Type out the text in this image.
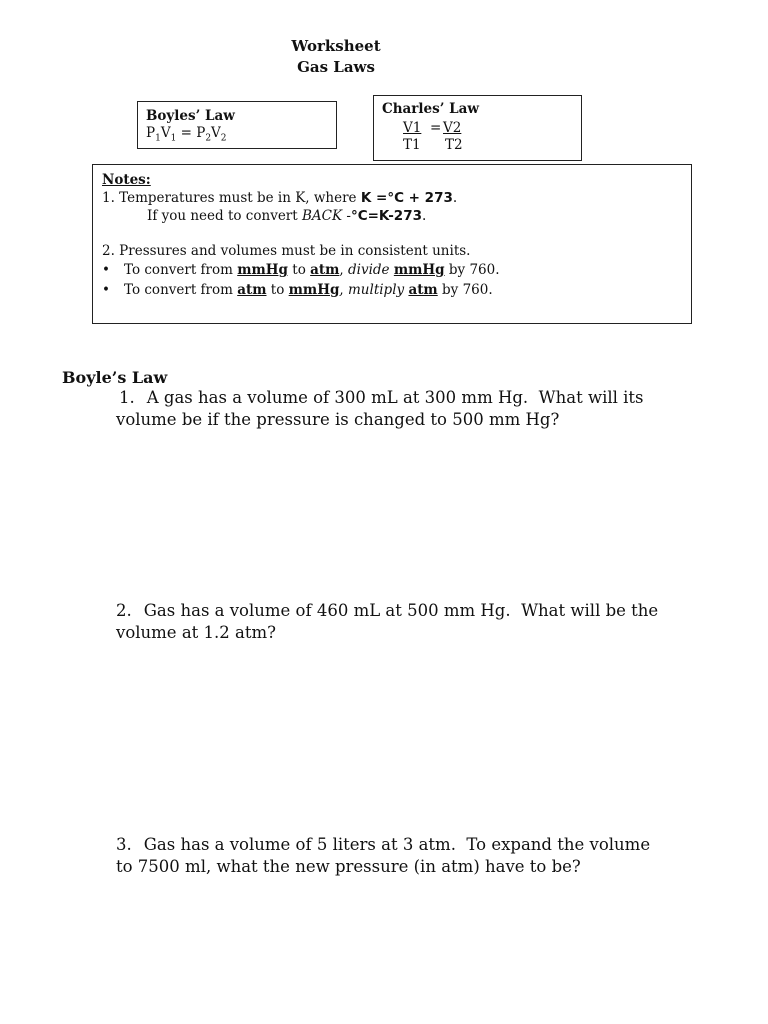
Worksheet
Gas Laws
Boyles’ Law
$P_1V_1 = P_2V_2$
Charles’ Law
V1 = V2
T1 T2
Notes:
1. Temperatures must be in K, where K =°C + 273.
If you need to convert BACK -°C=K-273.
2. Pressures and volumes must be in consistent units.
• To convert from mmHg to atm, divide mmHg by 760.
• To convert from atm to mmHg, multiply atm by 760.
Boyle’s Law
1. A gas has a volume of 300 mL at 300 mm Hg.  What will its
volume be if the pressure is changed to 500 mm Hg?
2. Gas has a volume of 460 mL at 500 mm Hg.  What will be the
volume at 1.2 atm?
3. Gas has a volume of 5 liters at 3 atm.  To expand the volume
to 7500 ml, what the new pressure (in atm) have to be?
